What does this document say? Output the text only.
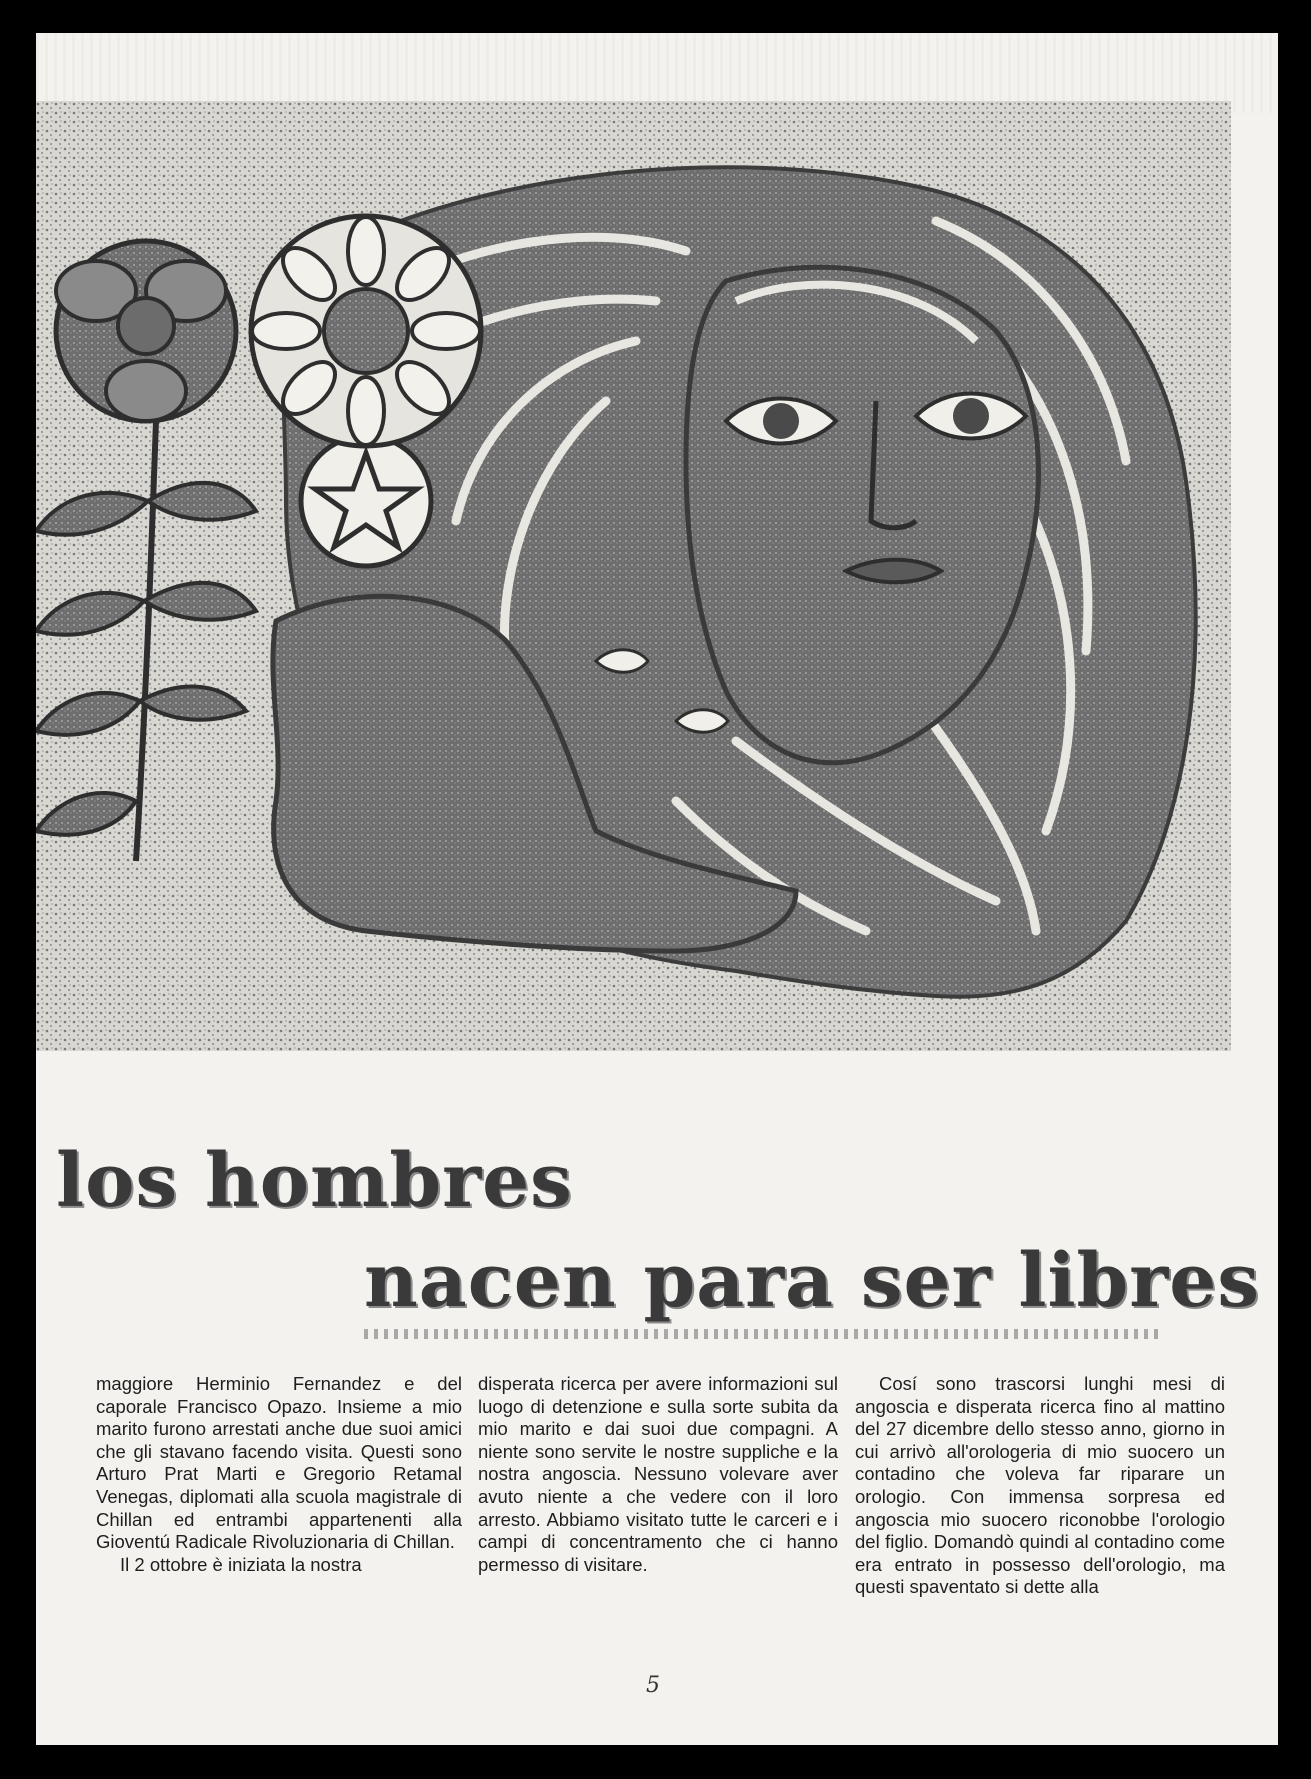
los hombres
nacen para ser libres

maggiore Herminio Fernandez e del caporale Francisco Opazo. Insieme a mio marito furono arrestati anche due suoi amici che gli stavano facendo visita. Questi sono Arturo Prat Marti e Gregorio Retamal Venegas, diplomati alla scuola magistrale di Chillan ed entrambi appartenenti alla Gioventú Radicale Rivoluzionaria di Chillan.

Il 2 ottobre è iniziata la nostra

disperata ricerca per avere informazioni sul luogo di detenzione e sulla sorte subita da mio marito e dai suoi due compagni. A niente sono servite le nostre suppliche e la nostra angoscia. Nessuno volevare aver avuto niente a che vedere con il loro arresto. Abbiamo visitato tutte le carceri e i campi di concentramento che ci hanno permesso di visitare.

Cosí sono trascorsi lunghi mesi di angoscia e disperata ricerca fino al mattino del 27 dicembre dello stesso anno, giorno in cui arrivò all'orologeria di mio suocero un contadino che voleva far riparare un orologio. Con immensa sorpresa ed angoscia mio suocero riconobbe l'orologio del figlio. Domandò quindi al contadino come era entrato in possesso dell'orologio, ma questi spaventato si dette alla

5
